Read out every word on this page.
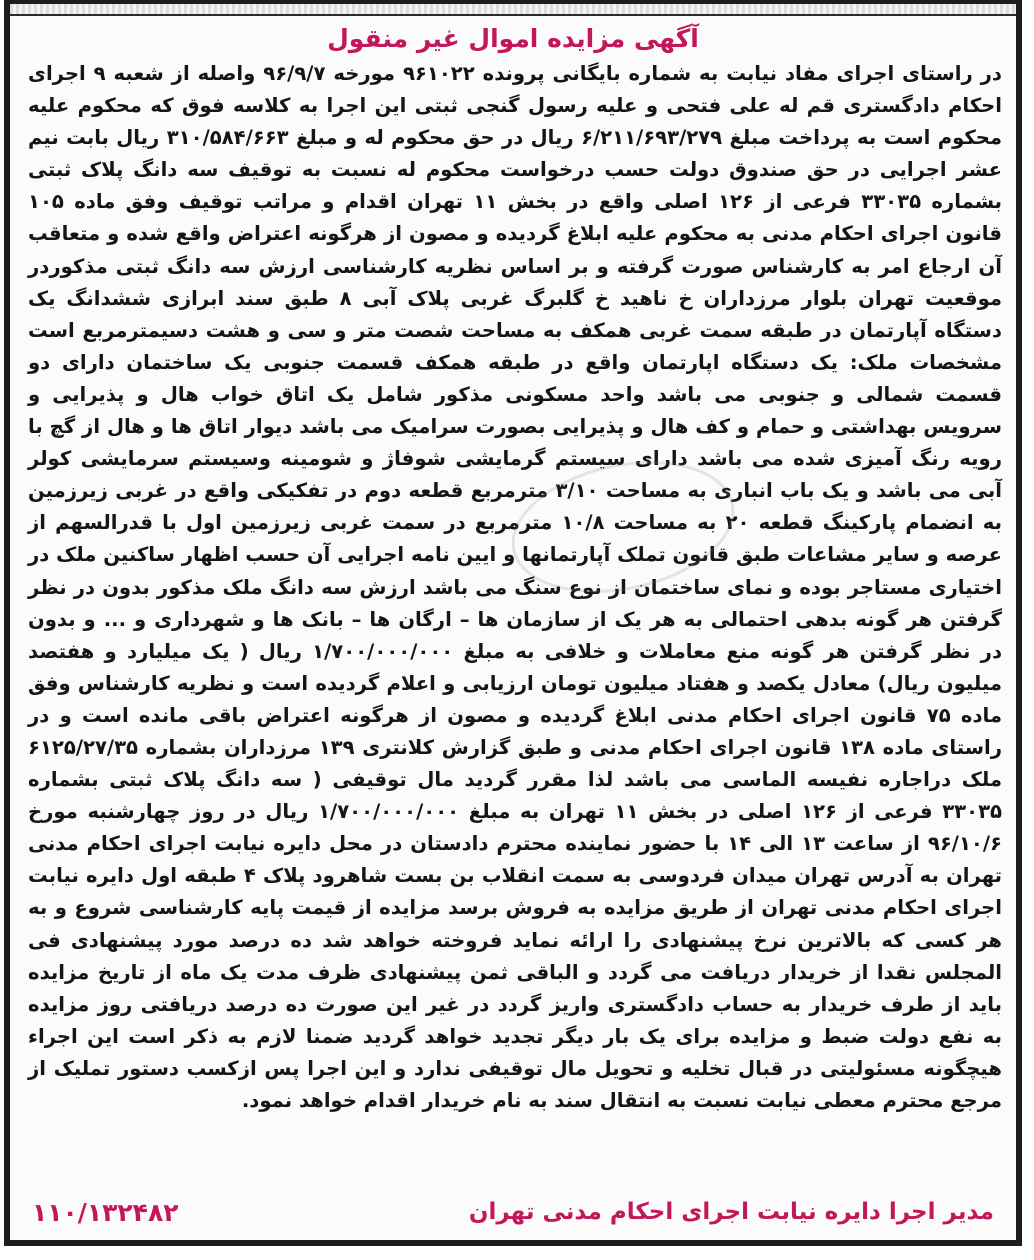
آگهی مزایده اموال غیر منقول

در راستای اجرای مفاد نیابت به شماره بایگانی پرونده ۹۶۱۰۲۲ مورخه ۹۶/۹/۷ واصله از شعبه ۹ اجرای احکام دادگستری قم له علی فتحی و علیه رسول گنجی ثبتی این اجرا به کلاسه فوق که محکوم علیه محکوم است به پرداخت مبلغ ۶/۲۱۱/۶۹۳/۲۷۹ ریال در حق محکوم له و مبلغ ۳۱۰/۵۸۴/۶۶۳ ریال بابت نیم عشر اجرایی در حق صندوق دولت حسب درخواست محکوم له نسبت به توقیف سه دانگ پلاک ثبتی بشماره ۳۳۰۳۵ فرعی از ۱۲۶ اصلی واقع در بخش ۱۱ تهران اقدام و مراتب توقیف وفق ماده ۱۰۵ قانون اجرای احکام مدنی به محکوم علیه ابلاغ گردیده و مصون از هرگونه اعتراض واقع شده و متعاقب آن ارجاع امر به کارشناس صورت گرفته و بر اساس نظریه کارشناسی ارزش سه دانگ ثبتی مذکوردر موقعیت تهران بلوار مرزداران خ ناهید خ گلبرگ غربی پلاک آبی ۸ طبق سند ابرازی ششدانگ یک دستگاه آپارتمان در طبقه سمت غربی همکف به مساحت شصت متر و سی و هشت دسیمترمربع است مشخصات ملک: یک دستگاه اپارتمان واقع در طبقه همکف قسمت جنوبی یک ساختمان دارای دو قسمت شمالی و جنوبی می باشد واحد مسکونی مذکور شامل یک اتاق خواب هال و پذیرایی و سرویس بهداشتی و حمام و کف هال و پذیرایی بصورت سرامیک می باشد دیوار اتاق ها و هال از گچ با رویه رنگ آمیزی شده می باشد دارای سیستم گرمایشی شوفاژ و شومینه وسیستم سرمایشی کولر آبی می باشد و یک باب انباری به مساحت ۳/۱۰ مترمربع قطعه دوم در تفکیکی واقع در غربی زیرزمین به انضمام پارکینگ قطعه ۲۰ به مساحت ۱۰/۸ مترمربع در سمت غربی زیرزمین اول با قدرالسهم از عرصه و سایر مشاعات طبق قانون تملک آپارتمانها و ایین نامه اجرایی آن حسب اظهار ساکنین ملک در اختیاری مستاجر بوده و نمای ساختمان از نوع سنگ می باشد ارزش سه دانگ ملک مذکور بدون در نظر گرفتن هر گونه بدهی احتمالی به هر یک از سازمان ها – ارگان ها – بانک ها و شهرداری و ... و بدون در نظر گرفتن هر گونه منع معاملات و خلافی به مبلغ ۱/۷۰۰/۰۰۰/۰۰۰ ریال ( یک میلیارد و هفتصد میلیون ریال) معادل یکصد و هفتاد میلیون تومان ارزیابی و اعلام گردیده است و نظریه کارشناس وفق ماده ۷۵ قانون اجرای احکام مدنی ابلاغ گردیده و مصون از هرگونه اعتراض باقی مانده است و در راستای ماده ۱۳۸ قانون اجرای احکام مدنی و طبق گزارش کلانتری ۱۳۹ مرزداران بشماره ۶۱۲۵/۲۷/۳۵ ملک دراجاره نفیسه الماسی می باشد لذا مقرر گردید مال توقیفی ( سه دانگ پلاک ثبتی بشماره ۳۳۰۳۵ فرعی از ۱۲۶ اصلی در بخش ۱۱ تهران به مبلغ ۱/۷۰۰/۰۰۰/۰۰۰ ریال در روز چهارشنبه مورخ ۹۶/۱۰/۶ از ساعت ۱۳ الی ۱۴ با حضور نماینده محترم دادستان در محل دایره نیابت اجرای احکام مدنی تهران به آدرس تهران میدان فردوسی به سمت انقلاب بن بست شاهرود پلاک ۴ طبقه اول دایره نیابت اجرای احکام مدنی تهران از طریق مزایده به فروش برسد مزایده از قیمت پایه کارشناسی شروع و به هر کسی که بالاترین نرخ پیشنهادی را ارائه نماید فروخته خواهد شد ده درصد مورد پیشنهادی فی المجلس نقدا از خریدار دریافت می گردد و الباقی ثمن پیشنهادی ظرف مدت یک ماه از تاریخ مزایده باید از طرف خریدار به حساب دادگستری واریز گردد در غیر این صورت ده درصد دریافتی روز مزایده به نفع دولت ضبط و مزایده برای یک بار دیگر تجدید خواهد گردید ضمنا لازم به ذکر است این اجراء هیچگونه مسئولیتی در قبال تخلیه و تحویل مال توقیفی ندارد و این اجرا پس ازکسب دستور تملیک از مرجع محترم معطی نیابت نسبت به انتقال سند به نام خریدار اقدام خواهد نمود.

مدیر اجرا دایره نیابت اجرای احکام مدنی تهران
۱۱۰/۱۳۲۴۸۲
